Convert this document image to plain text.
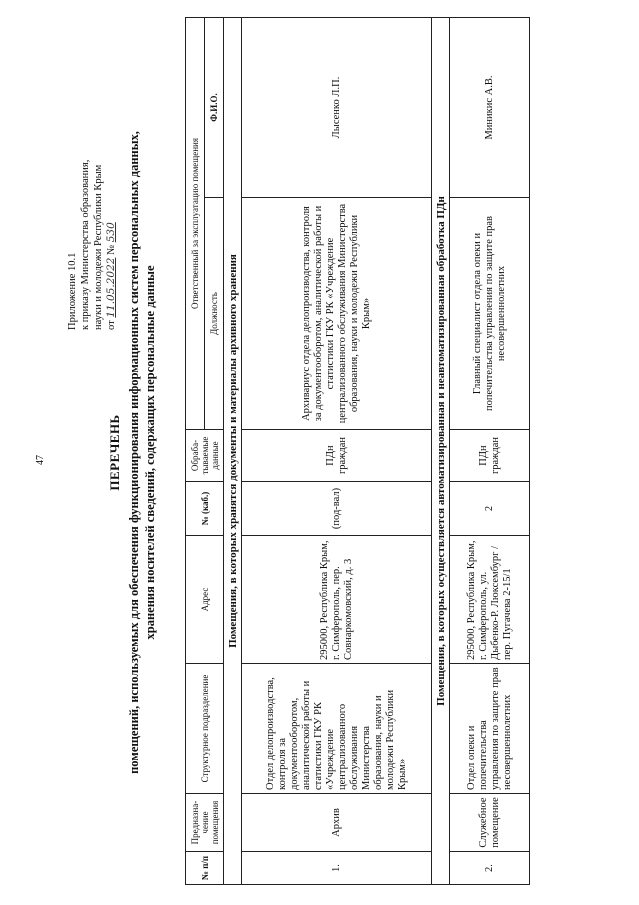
47
Приложение 10.1 к приказу Министерства образования, науки и молодежи Республики Крым от 11.05.2022 № 530
ПЕРЕЧЕНЬ помещений, используемых для обеспечения функционирования информационных систем персональных данных, хранения носителей сведений, содержащих персональные данные
№ п/п	Предназна-чение помещения	Структурное подразделение	Адрес	№ (каб.)	Обраба-тываемые данные	Ответственный за эксплуатацию помещения	
						Должность	Ф.И.О.
Помещения, в которых хранятся документы и материалы архивного хранения							
1.	Архив	Отдел делопроизводства, контроля за документооборотом, аналитической работы и статистики ГКУ РК «Учреждение централизованного обслуживания Министерства образования, науки и молодежи Республики Крым»	295000, Республика Крым, г. Симферополь, пер. Совнаркомовский, д. 3	(под-вал)	ПДн граждан	Архивариус отдела делопроизводства, контроля за документооборотом, аналитической работы и статистики ГКУ РК «Учреждение централизованного обслуживания Министерства образования, науки и молодежи Республики Крым»	Лысенко Л.П.
Помещения, в которых осуществляется автоматизированная и неавтоматизированная обработка ПДн							
2.	Служебное помещение	Отдел опеки и попечительства управления по защите прав несовершеннолетних	295000, Республика Крым, г. Симферополь, ул. Дыбенко-Р. Люксембург / пер. Пугачева 2-15/1	2	ПДн граждан	Главный специалист отдела опеки и попечительства управления по защите прав несовершеннолетних	Миникис А.В.
